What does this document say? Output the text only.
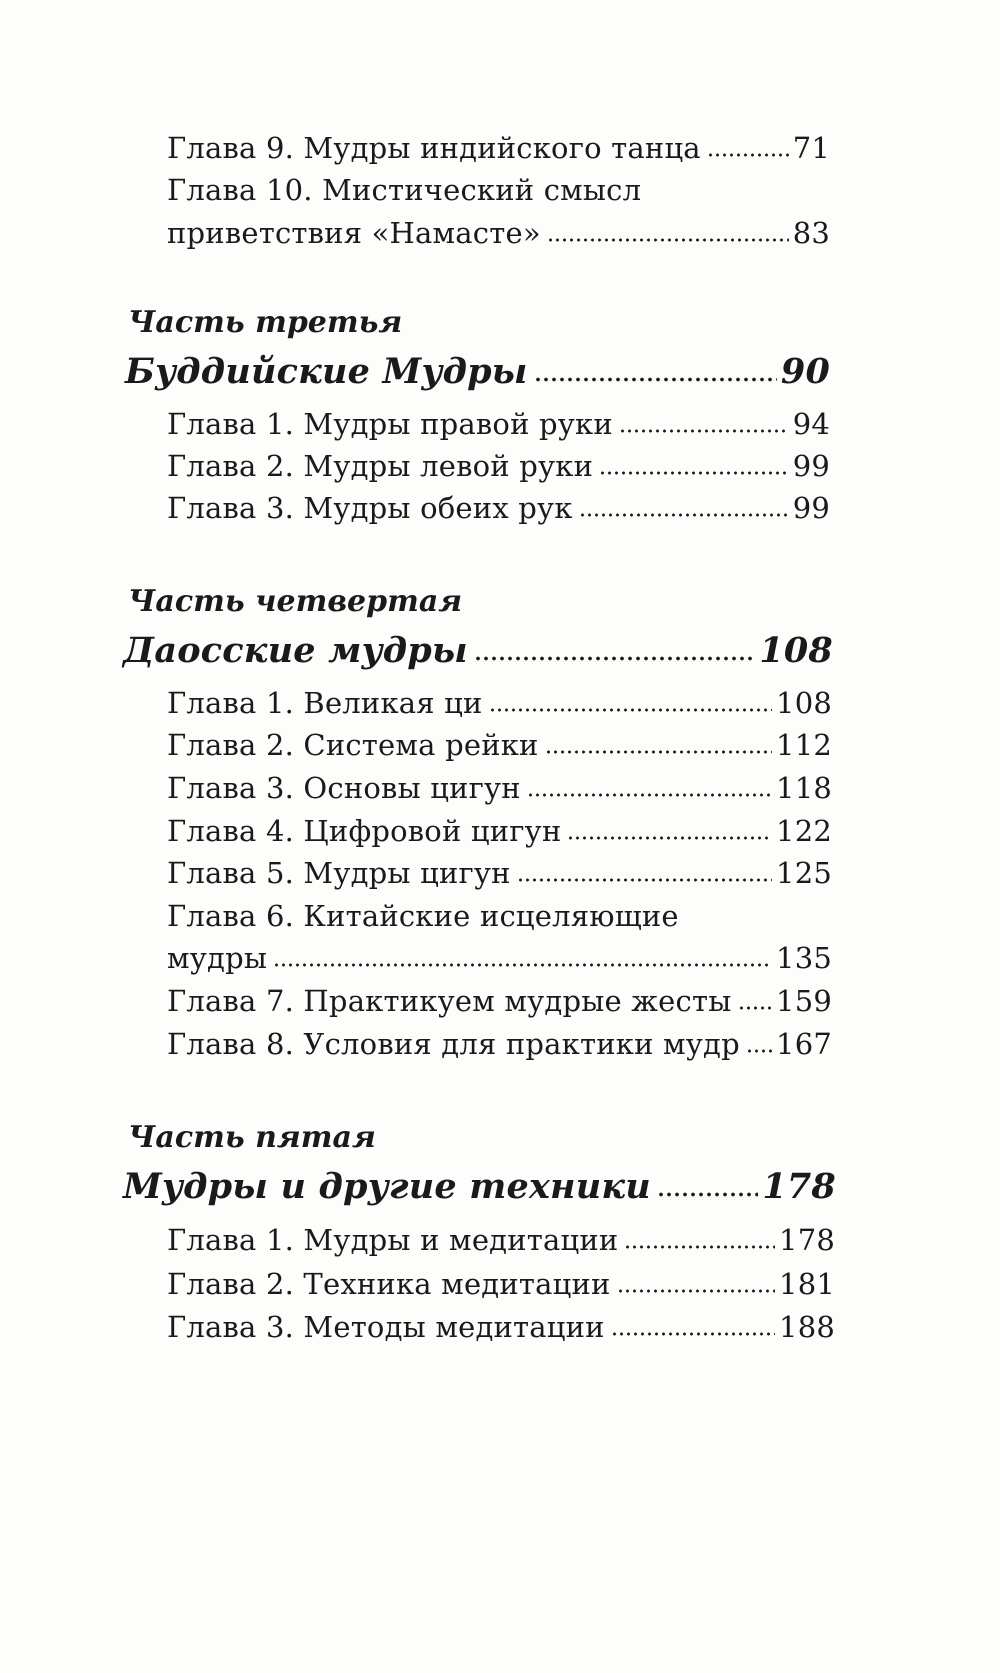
Глава 9. Мудры индийского танца	71
Глава 10. Мистический смысл
приветствия «Намасте»	83
Часть третья
Буддийские Мудры	90
Глава 1. Мудры правой руки	94
Глава 2. Мудры левой руки	99
Глава 3. Мудры обеих рук	99
Часть четвертая
Даосские мудры	108
Глава 1. Великая ци	108
Глава 2. Система рейки	112
Глава 3. Основы цигун	118
Глава 4. Цифровой цигун	122
Глава 5. Мудры цигун	125
Глава 6. Китайские исцеляющие
мудры	135
Глава 7. Практикуем мудрые жесты 159
Глава 8. Условия для практики мудр 167
Часть пятая
Мудры и другие техники	178
Глава 1. Мудры и медитации	178
Глава 2. Техника медитации	181
Глава 3. Методы медитации	188
